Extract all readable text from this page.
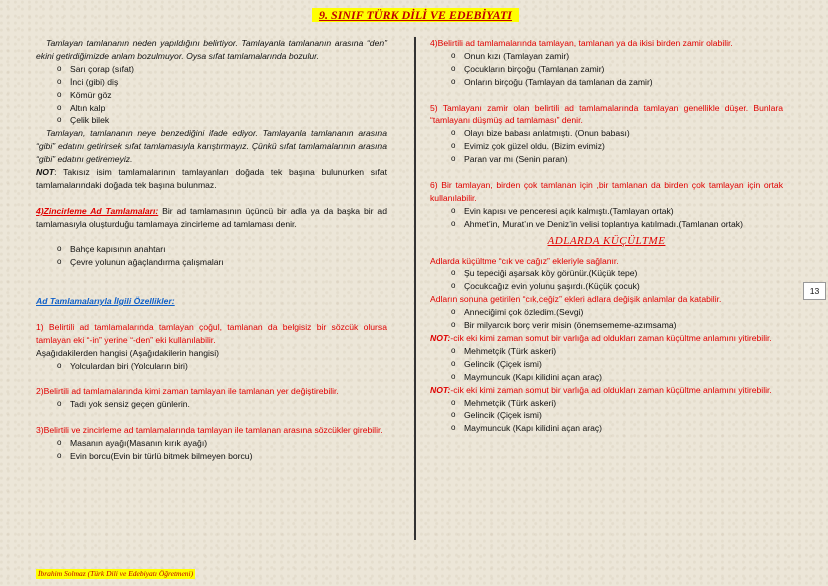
9. SINIF TÜRK DİLİ VE EDEBİYATI

Tamlayan tamlananın neden yapıldığını belirtiyor. Tamlayanla tamlananın arasına “den” ekini getirdiğimizde anlam bozulmuyor. Oysa sıfat tamlamalarında bozulur.

o Sarı çorap (sıfat)
o İnci (gibi) diş
o Kömür göz
o Altın kalp
o Çelik bilek

Tamlayan, tamlananın neye benzediğini ifade ediyor. Tamlayanla tamlananın arasına “gibi” edatını getirirsek sıfat tamlamasıyla karıştırmayız. Çünkü sıfat tamlamalarının arasına “gibi” edatını getiremeyiz.

NOT: Takısız isim tamlamalarının tamlayanları doğada tek başına bulunurken sıfat tamlamalarındaki doğada tek başına bulunmaz.

4)Zincirleme Ad Tamlamaları: Bir ad tamlamasının üçüncü bir adla ya da başka bir ad tamlamasıyla oluşturduğu tamlamaya zincirleme ad tamlaması denir.

o Bahçe kapısının anahtarı
o Çevre yolunun ağaçlandırma çalışmaları

Ad Tamlamalarıyla İlgili Özellikler:

1) Belirtili ad tamlamalarında tamlayan çoğul, tamlanan da belgisiz bir sözcük olursa tamlayan eki “-in” yerine “-den” eki kullanılabilir.

Aşağıdakilerden hangisi (Aşağıdakilerin hangisi)

o Yolculardan biri (Yolcuların biri)

2)Belirtili ad tamlamalarında kimi zaman tamlayan ile tamlanan yer değiştirebilir.

o Tadı yok sensiz geçen günlerin.

3)Belirtili ve zincirleme ad tamlamalarında tamlayan ile tamlanan arasına sözcükler girebilir.

o Masanın ayağı(Masanın kırık ayağı)
o Evin borcu(Evin bir türlü bitmek bilmeyen borcu)

4)Belirtili ad tamlamalarında tamlayan, tamlanan ya da ikisi birden zamir olabilir.

o Onun kızı (Tamlayan zamir)
o Çocukların birçoğu (Tamlanan zamir)
o Onların birçoğu (Tamlayan da tamlanan da zamir)

5) Tamlayanı zamir olan belirtili ad tamlamalarında tamlayan genellikle düşer. Bunlara “tamlayanı düşmüş ad tamlaması” denir.

o Olayı bize babası anlatmıştı. (Onun babası)
o Evimiz çok güzel oldu. (Bizim evimiz)
o Paran var mı (Senin paran)

6) Bir tamlayan, birden çok tamlanan için ,bir tamlanan da birden çok tamlayan için ortak kullanılabilir.

o Evin kapısı ve penceresi açık kalmıştı.(Tamlayan ortak)
o Ahmet’in, Murat’ın ve Deniz’in velisi toplantıya katılmadı.(Tamlanan ortak)
ADLARDA KÜÇÜLTME

Adlarda küçültme “cık ve cağız” ekleriyle sağlanır.

o Şu tepeciği aşarsak köy görünür.(Küçük tepe)
o Çocukcağız evin yolunu şaşırdı.(Küçük çocuk)

Adların sonuna getirilen “cık,ceğiz” ekleri adlara değişik anlamlar da katabilir.

o Anneciğimi çok özledim.(Sevgi)
o Bir milyarcık borç verir misin (önemsememe-azımsama)

NOT:-cik eki kimi zaman somut bir varlığa ad oldukları zaman küçültme anlamını yitirebilir.

o Mehmetçik (Türk askeri)
o Gelincik (Çiçek ismi)
o Maymuncuk (Kapı kilidini açan araç)

NOT:-cik eki kimi zaman somut bir varlığa ad oldukları zaman küçültme anlamını yitirebilir.

o Mehmetçik (Türk askeri)
o Gelincik (Çiçek ismi)
o Maymuncuk (Kapı kilidini açan araç)
13
İbrahim Solmaz (Türk Dili ve Edebiyatı Öğretmeni)
